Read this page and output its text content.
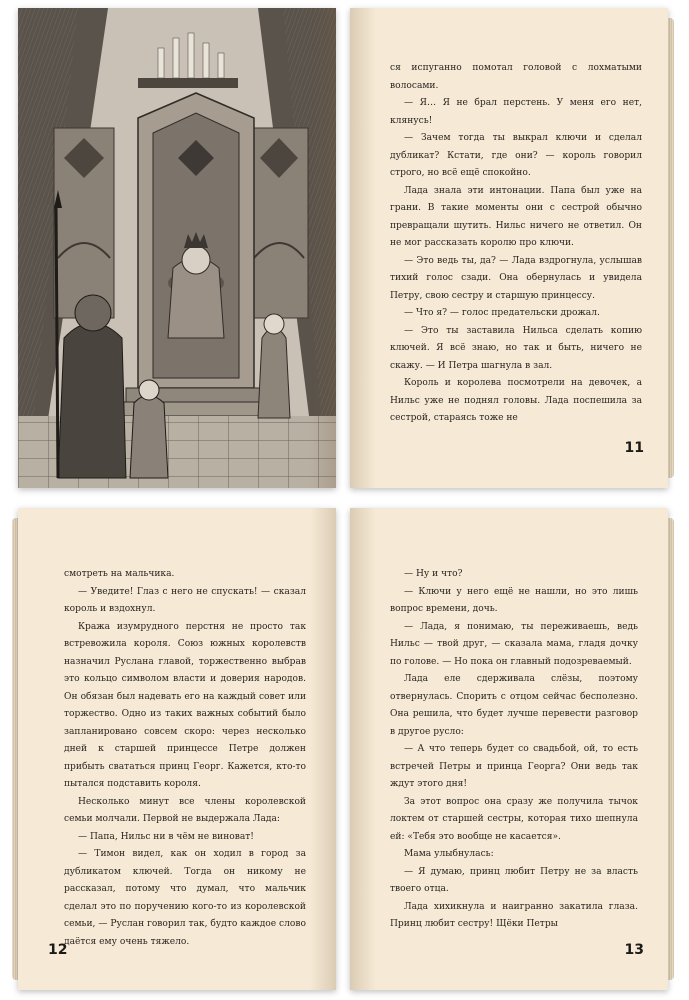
ся испуганно помотал головой с лохматыми волосами.

— Я… Я не брал перстень. У меня его нет, клянусь!

— Зачем тогда ты выкрал ключи и сделал дубликат? Кстати, где они? — король говорил строго, но всё ещё спокойно.

Лада знала эти интонации. Папа был уже на грани. В такие моменты они с сестрой обычно превращали шутить. Нильс ничего не ответил. Он не мог рассказать королю про ключи.

— Это ведь ты, да? — Лада вздрогнула, услышав тихий голос сзади. Она обернулась и увидела Петру, свою сестру и старшую принцессу.

— Что я? — голос предательски дрожал.

— Это ты заставила Нильса сделать копию ключей. Я всё знаю, но так и быть, ничего не скажу. — И Петра шагнула в зал.

Король и королева посмотрели на девочек, а Нильс уже не поднял головы. Лада поспешила за сестрой, стараясь тоже не

11

смотреть на мальчика.

— Уведите! Глаз с него не спускать! — сказал король и вздохнул.

Кража изумрудного перстня не просто так встревожила короля. Союз южных королевств назначил Руслана главой, торжественно выбрав это кольцо символом власти и доверия народов. Он обязан был надевать его на каждый совет или торжество. Одно из таких важных событий было запланировано совсем скоро: через несколько дней к старшей принцессе Петре должен прибыть свататься принц Георг. Кажется, кто-то пытался подставить короля.

Несколько минут все члены королевской семьи молчали. Первой не выдержала Лада:

— Папа, Нильс ни в чём не виноват!

— Тимон видел, как он ходил в город за дубликатом ключей. Тогда он никому не рассказал, потому что думал, что мальчик сделал это по поручению кого-то из королевской семьи, — Руслан говорил так, будто каждое слово даётся ему очень тяжело.

12

— Ну и что?

— Ключи у него ещё не нашли, но это лишь вопрос времени, дочь.

— Лада, я понимаю, ты переживаешь, ведь Нильс — твой друг, — сказала мама, гладя дочку по голове. — Но пока он главный подозреваемый.

Лада еле сдерживала слёзы, поэтому отвернулась. Спорить с отцом сейчас бесполезно. Она решила, что будет лучше перевести разговор в другое русло:

— А что теперь будет со свадьбой, ой, то есть встречей Петры и принца Георга? Они ведь так ждут этого дня!

За этот вопрос она сразу же получила тычок локтем от старшей сестры, которая тихо шепнула ей: «Тебя это вообще не касается».

Мама улыбнулась:

— Я думаю, принц любит Петру не за власть твоего отца.

Лада хихикнула и наигранно закатила глаза. Принц любит сестру! Щёки Петры

13
